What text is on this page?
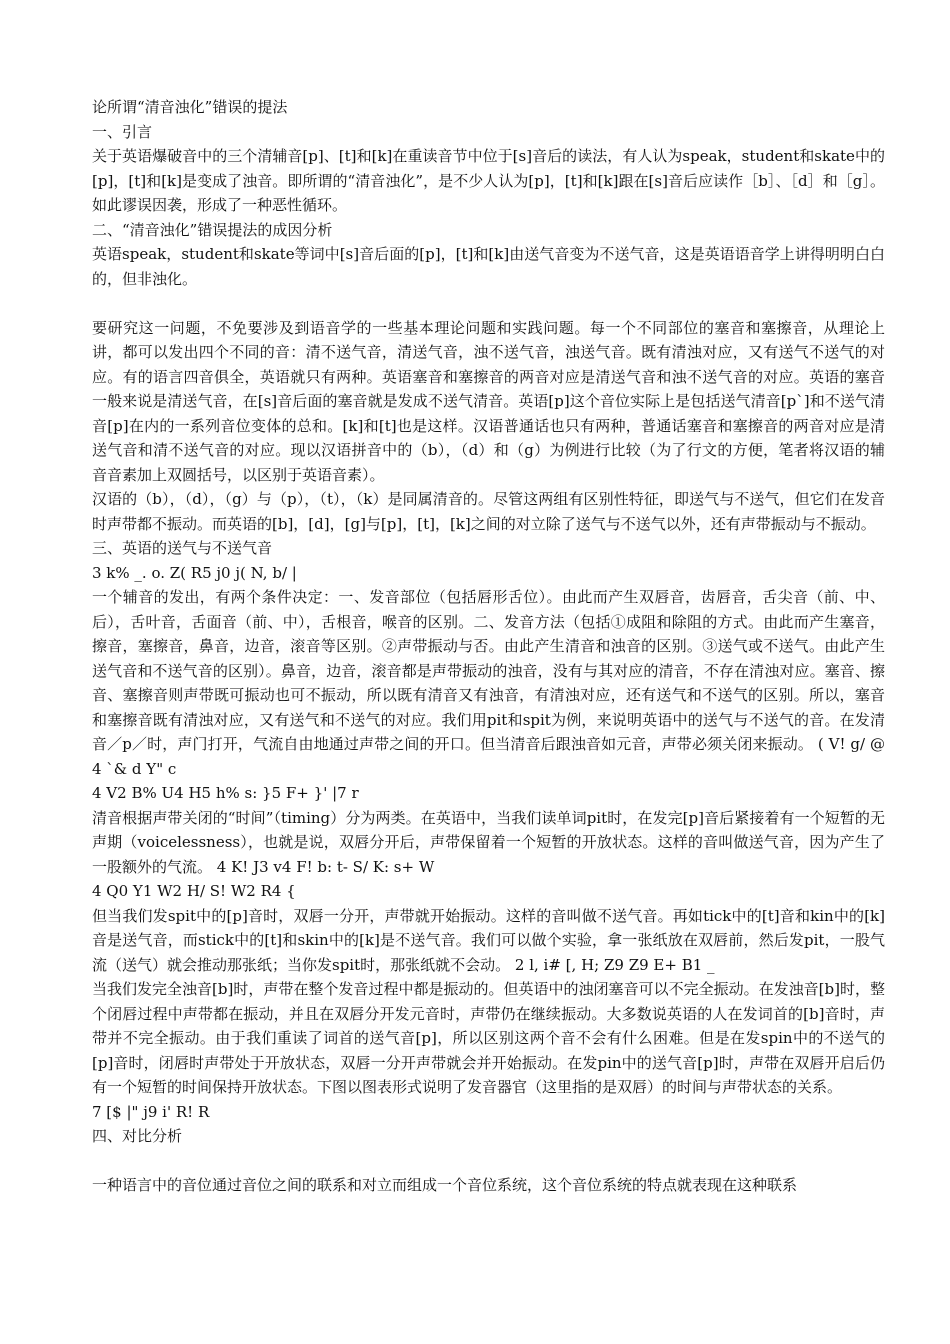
论所谓“清音浊化”错误的提法

一、引言

关于英语爆破音中的三个清辅音[p]、[t]和[k]在重读音节中位于[s]音后的读法，有人认为speak，student和skate中的[p]，[t]和[k]是变成了浊音。即所谓的“清音浊化”，是不少人认为[p]，[t]和[k]跟在[s]音后应读作［b］、［d］和［g］。如此谬误因袭，形成了一种恶性循环。

二、“清音浊化”错误提法的成因分析

英语speak，student和skate等词中[s]音后面的[p]，[t]和[k]由送气音变为不送气音，这是英语语音学上讲得明明白白的，但非浊化。

要研究这一问题，不免要涉及到语音学的一些基本理论问题和实践问题。每一个不同部位的塞音和塞擦音，从理论上讲，都可以发出四个不同的音：清不送气音，清送气音，浊不送气音，浊送气音。既有清浊对应，又有送气不送气的对应。有的语言四音俱全，英语就只有两种。英语塞音和塞擦音的两音对应是清送气音和浊不送气音的对应。英语的塞音一般来说是清送气音，在[s]音后面的塞音就是发成不送气清音。英语[p]这个音位实际上是包括送气清音[pˋ]和不送气清音[p]在内的一系列音位变体的总和。[k]和[t]也是这样。汉语普通话也只有两种，普通话塞音和塞擦音的两音对应是清送气音和清不送气音的对应。现以汉语拼音中的（b），（d）和（g）为例进行比较（为了行文的方便，笔者将汉语的辅音音素加上双圆括号，以区别于英语音素）。

汉语的（b），（d），（g）与（p），（t），（k）是同属清音的。尽管这两组有区别性特征，即送气与不送气，但它们在发音时声带都不振动。而英语的[b]，[d]，[g]与[p]，[t]，[k]之间的对立除了送气与不送气以外，还有声带振动与不振动。

三、英语的送气与不送气音

3 k% _. o. Z( R5 j0 j( N, b/ |

一个辅音的发出，有两个条件决定：一、发音部位（包括唇形舌位）。由此而产生双唇音，齿唇音，舌尖音（前、中、后），舌叶音，舌面音（前、中），舌根音，喉音的区别。二、发音方法（包括①成阻和除阻的方式。由此而产生塞音，擦音，塞擦音，鼻音，边音，滚音等区别。②声带振动与否。由此产生清音和浊音的区别。③送气或不送气。由此产生送气音和不送气音的区别）。鼻音，边音，滚音都是声带振动的浊音，没有与其对应的清音，不存在清浊对应。塞音、擦音、塞擦音则声带既可振动也可不振动，所以既有清音又有浊音，有清浊对应，还有送气和不送气的区别。所以，塞音和塞擦音既有清浊对应，又有送气和不送气的对应。我们用pit和spit为例，来说明英语中的送气与不送气的音。在发清音／p／时，声门打开，气流自由地通过声带之间的开口。但当清音后跟浊音如元音，声带必须关闭来振动。 ( V! g/ @4 `& d Y" c

4 V2 B% U4 H5 h% s: }5 F+ }' |7 r

清音根据声带关闭的“时间”（timing）分为两类。在英语中，当我们读单词pit时，在发完[p]音后紧接着有一个短暂的无声期（voicelessness），也就是说，双唇分开后，声带保留着一个短暂的开放状态。这样的音叫做送气音，因为产生了一股额外的气流。 4 K! J3 v4 F! b: t- S/ K: s+ W

4 Q0 Y1 W2 H/ S! W2 R4 {

但当我们发spit中的[p]音时，双唇一分开，声带就开始振动。这样的音叫做不送气音。再如tick中的[t]音和kin中的[k]音是送气音，而stick中的[t]和skin中的[k]是不送气音。我们可以做个实验，拿一张纸放在双唇前，然后发pit，一股气流（送气）就会推动那张纸；当你发spit时，那张纸就不会动。 2 l, i# [, H; Z9 Z9 E+ B1 _

当我们发完全浊音[b]时，声带在整个发音过程中都是振动的。但英语中的浊闭塞音可以不完全振动。在发浊音[b]时，整个闭唇过程中声带都在振动，并且在双唇分开发元音时，声带仍在继续振动。大多数说英语的人在发词首的[b]音时，声带并不完全振动。由于我们重读了词首的送气音[p]，所以区别这两个音不会有什么困难。但是在发spin中的不送气的[p]音时，闭唇时声带处于开放状态，双唇一分开声带就会并开始振动。在发pin中的送气音[p]时，声带在双唇开启后仍有一个短暂的时间保持开放状态。下图以图表形式说明了发音器官（这里指的是双唇）的时间与声带状态的关系。

7 [$ |" j9 i' R! R

四、对比分析

一种语言中的音位通过音位之间的联系和对立而组成一个音位系统，这个音位系统的特点就表现在这种联系
